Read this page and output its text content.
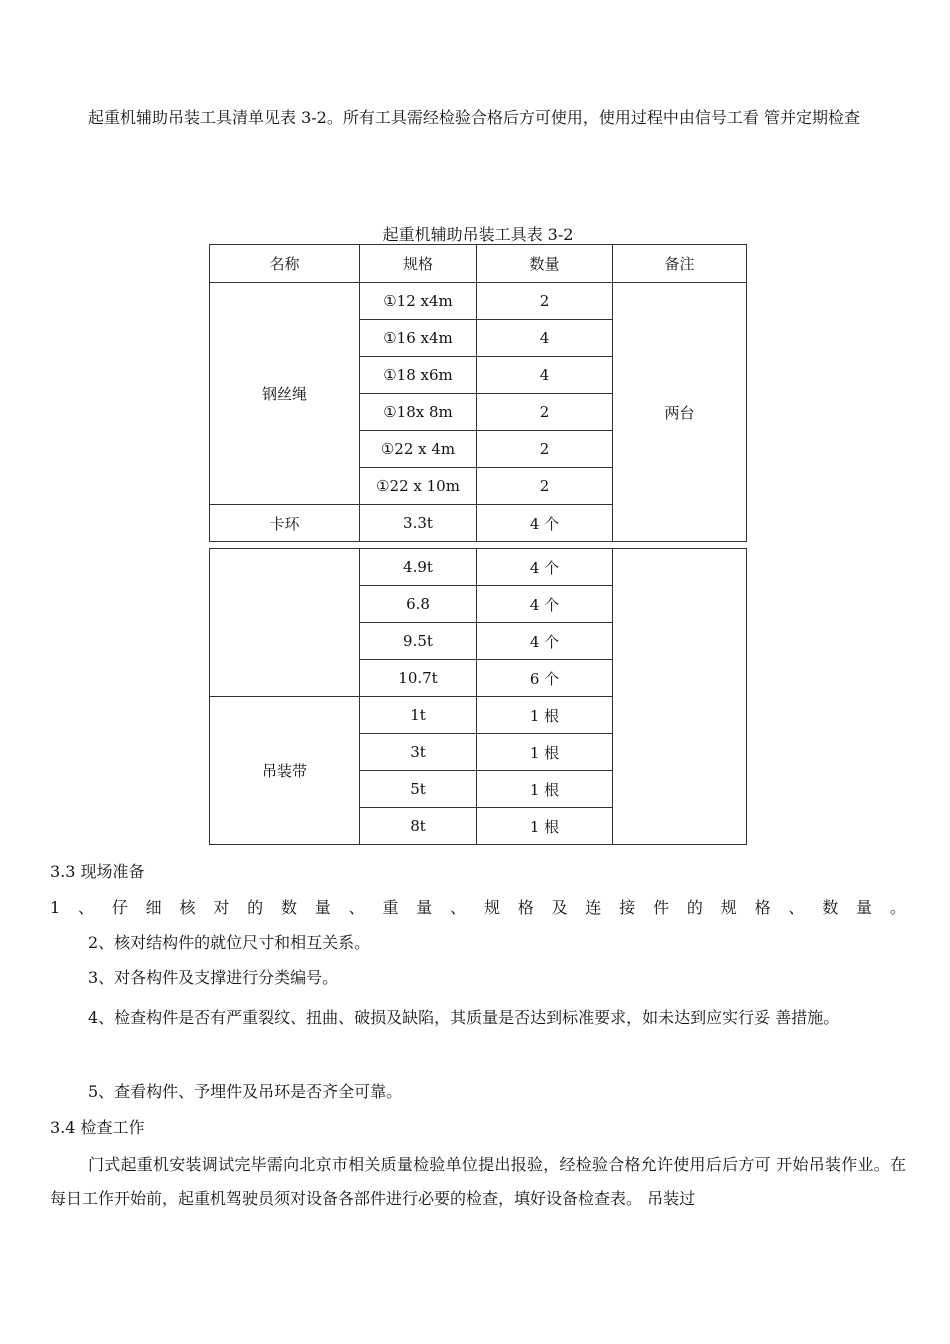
起重机辅助吊装工具清单见表 3-2。所有工具需经检验合格后方可使用，使用过程中由信号工看 管并定期检查
起重机辅助吊装工具表 3-2
名称	规格	数量	备注
钢丝绳	①12 x4m	2	两台
	①16 x4m	4	
	①18 x6m	4	
	①18x 8m	2	
	①22 x 4m	2	
	①22 x 10m	2	
卡环	3.3t	4 个	
	4.9t	4 个	
	6.8	4 个	
	9.5t	4 个	
	10.7t	6 个	
吊装带	1t	1 根	
	3t	1 根	
	5t	1 根	
	8t	1 根	
3.3 现场准备
1 、 仔 细 核 对 的 数 量 、 重 量 、 规 格 及 连 接 件 的 规 格 、 数 量 。
2、核对结构件的就位尺寸和相互关系。
3、对各构件及支撑进行分类编号。
4、检查构件是否有严重裂纹、扭曲、破损及缺陷，其质量是否达到标准要求，如未达到应实行妥 善措施。
5、查看构件、予埋件及吊环是否齐全可靠。
3.4 检查工作
门式起重机安装调试完毕需向北京市相关质量检验单位提出报验，经检验合格允许使用后后方可 开始吊装作业。在每日工作开始前，起重机驾驶员须对设备各部件进行必要的检查，填好设备检查表。 吊装过
